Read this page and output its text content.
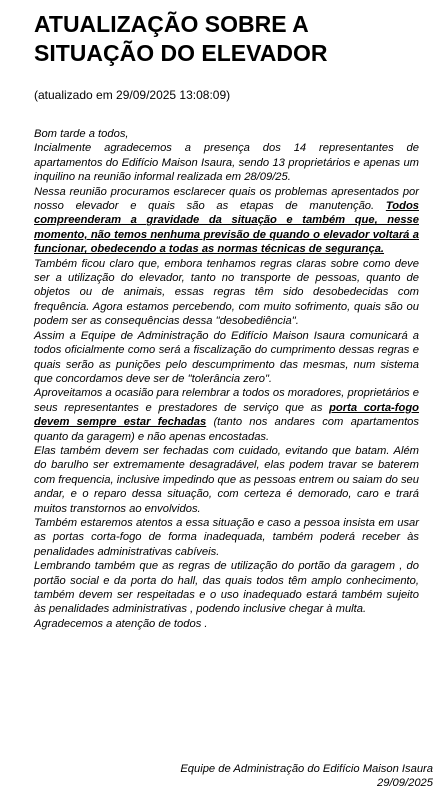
ATUALIZAÇÃO SOBRE A
SITUAÇÃO DO ELEVADOR
(atualizado em 29/09/2025 13:08:09)

Bom tarde a todos,

Incialmente agradecemos a presença dos 14 representantes de apartamentos do Edifício Maison Isaura, sendo 13 proprietários e apenas um inquilino na reunião informal realizada em 28/09/25.

Nessa reunião procuramos esclarecer quais os problemas apresentados por nosso elevador e quais são as etapas de manutenção. Todos compreenderam a gravidade da situação e também que, nesse momento, não temos nenhuma previsão de quando o elevador voltará a funcionar, obedecendo a todas as normas técnicas de segurança.

Também ficou claro que, embora tenhamos regras claras sobre como deve ser a utilização do elevador, tanto no transporte de pessoas, quanto de objetos ou de animais, essas regras têm sido desobedecidas com frequência. Agora estamos percebendo, com muito sofrimento, quais são ou podem ser as consequências dessa "desobediência".

Assim a Equipe de Administração do Edifício Maison Isaura comunicará a todos oficialmente como será a fiscalização do cumprimento dessas regras e quais serão as punições pelo descumprimento das mesmas, num sistema que concordamos deve ser de "tolerância zero".

Aproveitamos a ocasião para relembrar a todos os moradores, proprietários e seus representantes e prestadores de serviço que as porta corta-fogo devem sempre estar fechadas (tanto nos andares com apartamentos quanto da garagem) e não apenas encostadas.

Elas também devem ser fechadas com cuidado, evitando que batam. Além do barulho ser extremamente desagradável, elas podem travar se baterem com frequencia, inclusive impedindo que as pessoas entrem ou saiam do seu andar, e o reparo dessa situação, com certeza é demorado, caro e trará muitos transtornos ao envolvidos.

Também estaremos atentos a essa situação e caso a pessoa insista em usar as portas corta-fogo de forma inadequada, também poderá receber às penalidades administrativas cabíveis.

Lembrando também que as regras de utilização do portão da garagem , do portão social e da porta do hall, das quais todos têm amplo conhecimento, também devem ser respeitadas e o uso inadequado estará também sujeito às penalidades administrativas , podendo inclusive chegar à multa.

Agradecemos a atenção de todos .

Equipe de Administração do Edifício Maison Isaura
29/09/2025
